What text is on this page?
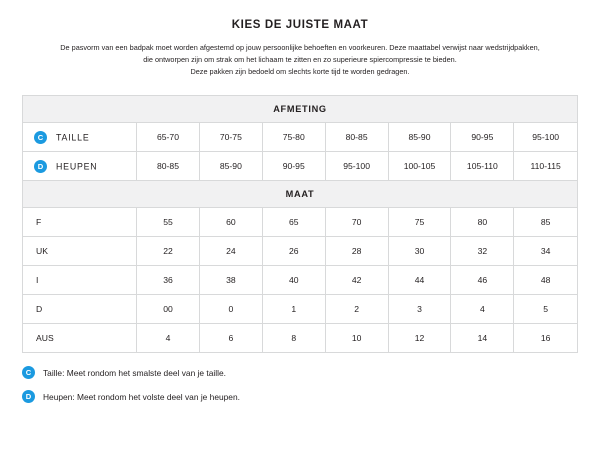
KIES DE JUISTE MAAT

De pasvorm van een badpak moet worden afgestemd op jouw persoonlijke behoeften en voorkeuren. Deze maattabel verwijst naar wedstrijdpakken,

die ontworpen zijn om strak om het lichaam te zitten en zo superieure spiercompressie te bieden.

Deze pakken zijn bedoeld om slechts korte tijd te worden gedragen.

AFMETING							
C TAILLE	65-70	70-75	75-80	80-85	85-90	90-95	95-100
D HEUPEN	80-85	85-90	90-95	95-100	100-105	105-110	110-115
MAAT							
F	55	60	65	70	75	80	85
UK	22	24	26	28	30	32	34
I	36	38	40	42	44	46	48
D	00	0	1	2	3	4	5
AUS	4	6	8	10	12	14	16
C	Taille: Meet rondom het smalste deel van je taille.
D	Heupen: Meet rondom het volste deel van je heupen.
